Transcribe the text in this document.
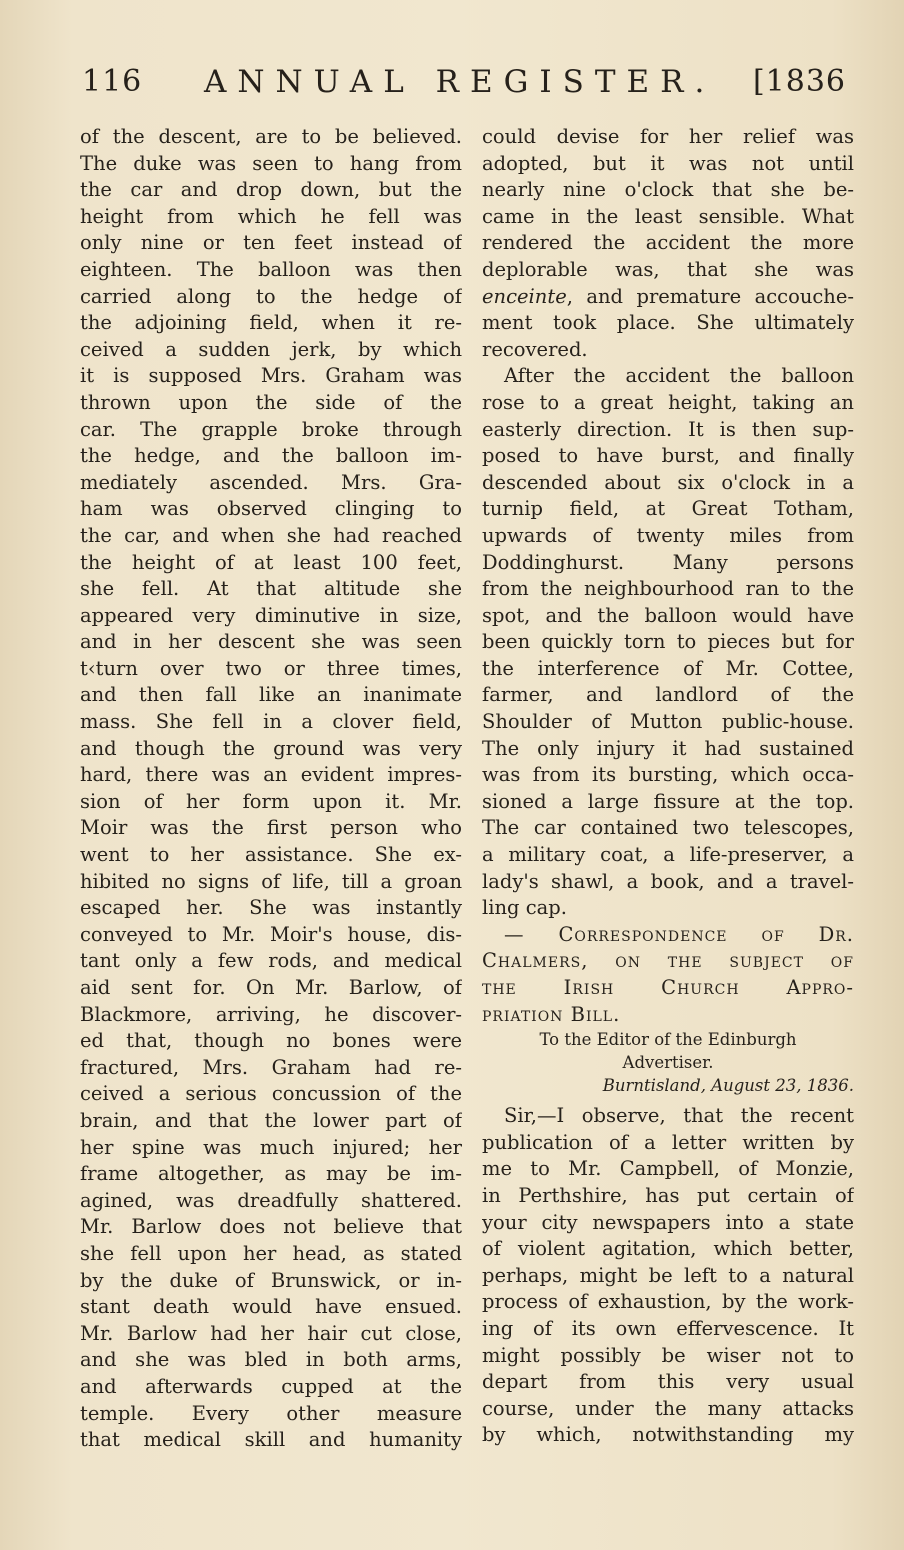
116 ANNUAL REGISTER. [1836
of the descent, are to be believed.
The duke was seen to hang from
the car and drop down, but the
height from which he fell was
only nine or ten feet instead of
eighteen. The balloon was then
carried along to the hedge of
the adjoining field, when it re-
ceived a sudden jerk, by which
it is supposed Mrs. Graham was
thrown upon the side of the
car. The grapple broke through
the hedge, and the balloon im-
mediately ascended. Mrs. Gra-
ham was observed clinging to
the car, and when she had reached
the height of at least 100 feet,
she fell. At that altitude she
appeared very diminutive in size,
and in her descent she was seen
t‹turn over two or three times,
and then fall like an inanimate
mass. She fell in a clover field,
and though the ground was very
hard, there was an evident impres-
sion of her form upon it. Mr.
Moir was the first person who
went to her assistance. She ex-
hibited no signs of life, till a groan
escaped her. She was instantly
conveyed to Mr. Moir's house, dis-
tant only a few rods, and medical
aid sent for. On Mr. Barlow, of
Blackmore, arriving, he discover-
ed that, though no bones were
fractured, Mrs. Graham had re-
ceived a serious concussion of the
brain, and that the lower part of
her spine was much injured; her
frame altogether, as may be im-
agined, was dreadfully shattered.
Mr. Barlow does not believe that
she fell upon her head, as stated
by the duke of Brunswick, or in-
stant death would have ensued.
Mr. Barlow had her hair cut close,
and she was bled in both arms,
and afterwards cupped at the
temple. Every other measure
that medical skill and humanity
could devise for her relief was
adopted, but it was not until
nearly nine o'clock that she be-
came in the least sensible. What
rendered the accident the more
deplorable was, that she was
enceinte, and premature accouche-
ment took place. She ultimately
recovered.
After the accident the balloon
rose to a great height, taking an
easterly direction. It is then sup-
posed to have burst, and finally
descended about six o'clock in a
turnip field, at Great Totham,
upwards of twenty miles from
Doddinghurst. Many persons
from the neighbourhood ran to the
spot, and the balloon would have
been quickly torn to pieces but for
the interference of Mr. Cottee,
farmer, and landlord of the
Shoulder of Mutton public-house.
The only injury it had sustained
was from its bursting, which occa-
sioned a large fissure at the top.
The car contained two telescopes,
a military coat, a life-preserver, a
lady's shawl, a book, and a travel-
ling cap.
— Correspondence of Dr.
Chalmers, on the subject of
the Irish Church Appro-
priation Bill.
To the Editor of the Edinburgh
Advertiser.
Burntisland, August 23, 1836.
Sir,—I observe, that the recent
publication of a letter written by
me to Mr. Campbell, of Monzie,
in Perthshire, has put certain of
your city newspapers into a state
of violent agitation, which better,
perhaps, might be left to a natural
process of exhaustion, by the work-
ing of its own effervescence. It
might possibly be wiser not to
depart from this very usual
course, under the many attacks
by which, notwithstanding my
